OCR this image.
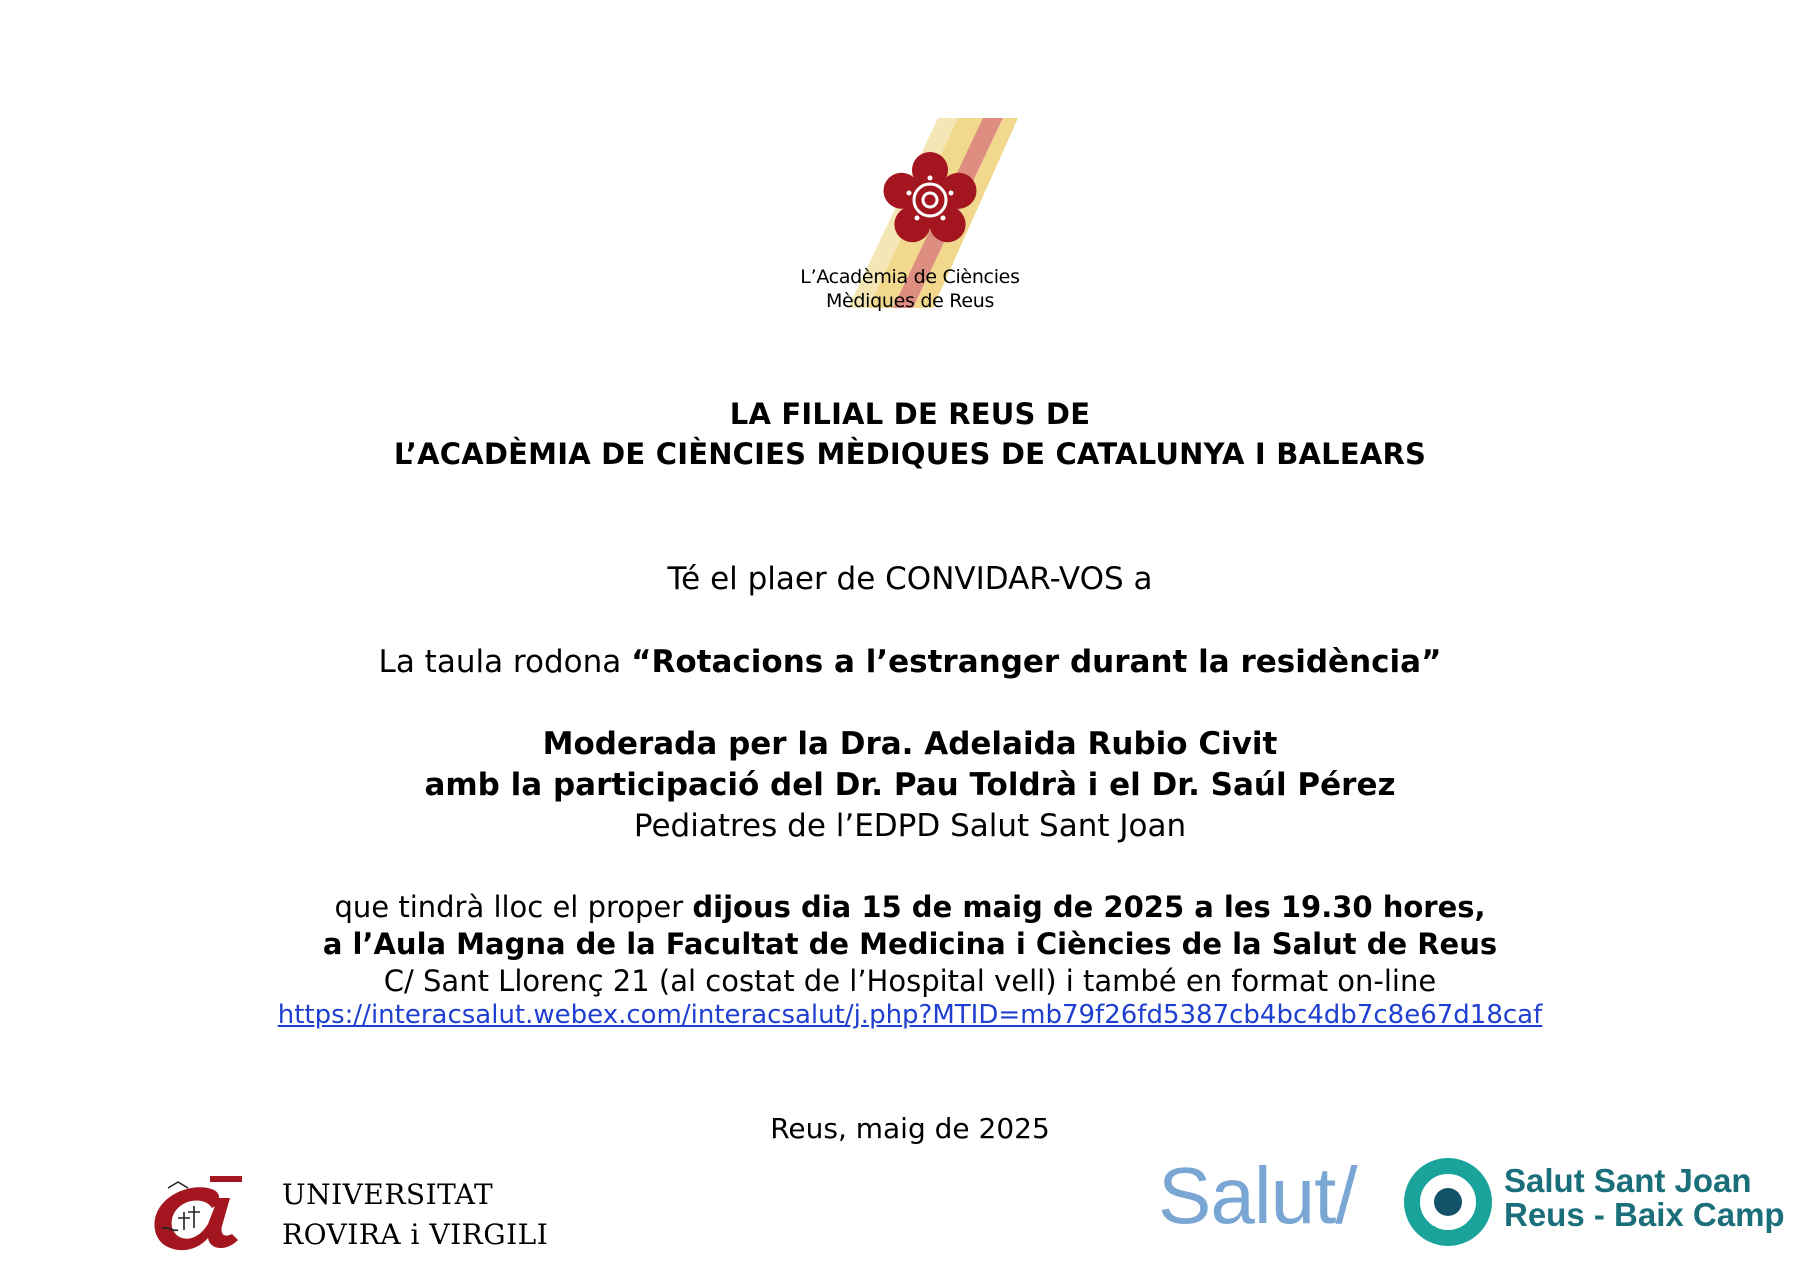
L’Acadèmia de Ciències
Mèdiques de Reus
LA FILIAL DE REUS DE
L’ACADÈMIA DE CIÈNCIES MÈDIQUES DE CATALUNYA I BALEARS
Té el plaer de CONVIDAR-VOS a
La taula rodona “Rotacions a l’estranger durant la residència”
Moderada per la Dra. Adelaida Rubio Civit
amb la participació del Dr. Pau Toldrà i el Dr. Saúl Pérez
Pediatres de l’EDPD Salut Sant Joan
que tindrà lloc el proper dijous dia 15 de maig de 2025 a les 19.30 hores,
a l’Aula Magna de la Facultat de Medicina i Ciències de la Salut de Reus
C/ Sant Llorenç 21 (al costat de l’Hospital vell) i també en format on-line
https://interacsalut.webex.com/interacsalut/j.php?MTID=mb79f26fd5387cb4bc4db7c8e67d18caf
Reus, maig de 2025
UNIVERSITAT
ROVIRA i VIRGILI	Salut/	Salut Sant Joan
Reus - Baix Camp
